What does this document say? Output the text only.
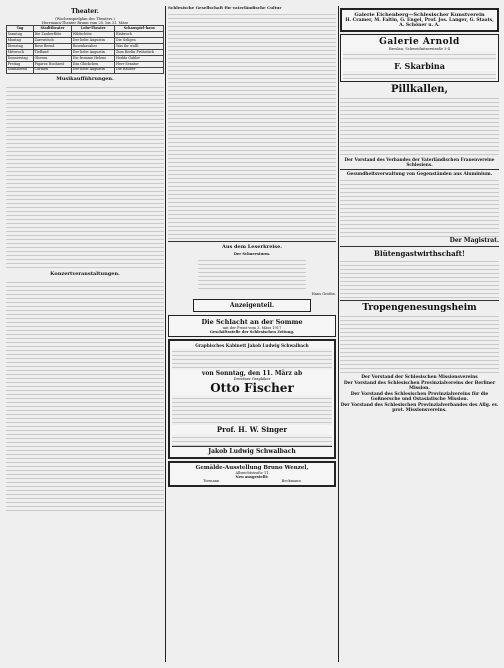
Theater.
(Wochenspielplan des Theaters.)
Herrmann-Theater Brunn vom 25. bis 31. März
Tag	Stadttheater	Lobe-Theater	Schauspiel-haus
Sonntag	Die Zauberflöte	Wildschütz	Einbruch
Montag	Zarewitsch	Der liebe Augustin	Die Seligen
Dienstag	Rose Bernd	Rosenkavalier	Was ihr wollt
Mittwoch	Tiefland	Der liebe Augustin	Zum Berlin Frühstück
Donnerstag	Oberon	Die fromme Helene	Hedda Gabler
Freitag	Figaros Hochzeit	Das Glöckchen	Herr Senator
Sonnabend	Carmen	Der liebe Augustin	Die Räuber
Musikaufführungen.
Konzertveranstaltungen.
Schlesische Gesellschaft für vaterländische Cultur
Aus dem Leserkreise.
Der Schneesturm.
Hans Grothe.
Anzeigenteil.
Die Schlacht an der Somme
mit der Front vom 3. März 1917
Geschäftsstelle der Schlesischen Zeitung.
Graphisches Kabinett Jakob Ludwig Schwalbach
von Sonntag, den 11. März ab
Dresdner Graphiker
Otto Fischer
Prof. H. W. Singer
Jakob Ludwig Schwalbach
Gemälde-Ausstellung Bruno Wenzel,
Albrechtstraße 11
Neu ausgestellt:
Tormann	Beckmann
Galerie Eichenberg—Schlesischer Kunstverein
H. Cramer, M. Faltin, G. Engel, Prof. Jos. Langer, G. Staats, A. Schöner u. A.
Galerie Arnold
Breslau, Schweidnitzerstraße 3-4
F. Skarbina
Pillkallen,
Der Vorstand des Verbandes der Vaterländischen Frauenvereine Schlesiens.
Gesundheitsverwaltung von Gegenständen aus Aluminium.
Der Magistrat.
Blütengastwirthschaft!
Tropengenesungsheim
Der Vorstand der Schlesischen Missionsvereins
Der Vorstand des Schlesischen Provinzialvereins der Berliner Mission.
Der Vorstand des Schlesischen Provinzialvereins für die Goßnersche und Ostasiatische Mission.
Der Vorstand des Schlesischen Provinzialverbandes des Allg. ev. prot. Missionsvereins.
